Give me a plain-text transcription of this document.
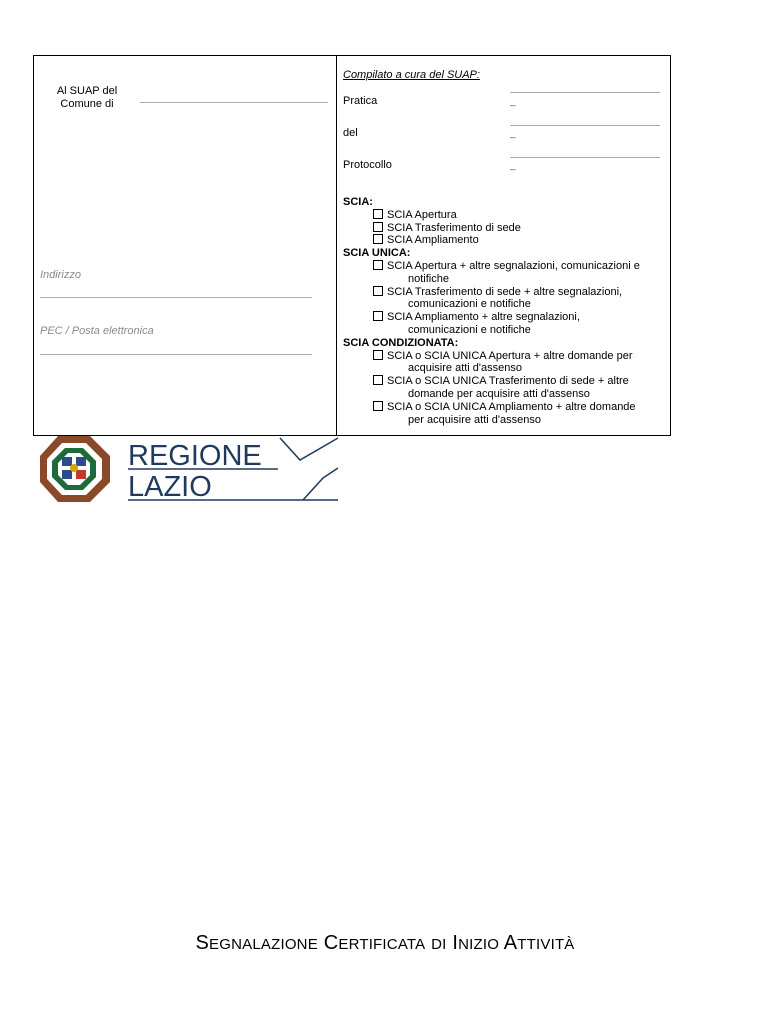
Al SUAP del
Comune di
Indirizzo
PEC / Posta elettronica
Compilato a cura del SUAP:
Pratica	_
del	_
Protocollo	_
SCIA:
SCIA Apertura
SCIA Trasferimento di sede
SCIA Ampliamento
SCIA UNICA:
SCIA Apertura + altre segnalazioni, comunicazioni e
notifiche
SCIA Trasferimento di sede + altre segnalazioni,
comunicazioni e notifiche
SCIA Ampliamento + altre segnalazioni,
comunicazioni e notifiche
SCIA CONDIZIONATA:
SCIA o SCIA UNICA Apertura + altre domande per
acquisire atti d'assenso
SCIA o SCIA UNICA Trasferimento di sede + altre
domande per acquisire atti d'assenso
SCIA o SCIA UNICA Ampliamento + altre domande
per acquisire atti d'assenso
REGIONE
LAZIO
SEGNALAZIONE CERTIFICATA DI INIZIO ATTIVITÀ
